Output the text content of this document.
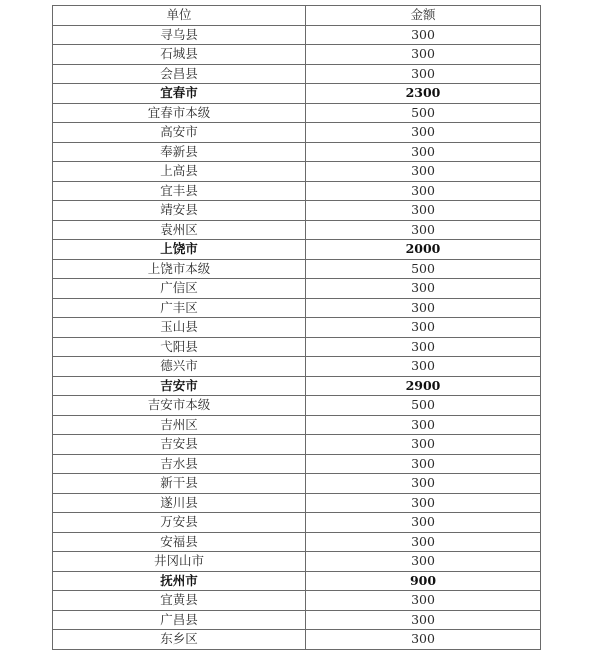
单位	金额
寻乌县	300
石城县	300
会昌县	300
宜春市	2300
宜春市本级	500
高安市	300
奉新县	300
上高县	300
宜丰县	300
靖安县	300
袁州区	300
上饶市	2000
上饶市本级	500
广信区	300
广丰区	300
玉山县	300
弋阳县	300
德兴市	300
吉安市	2900
吉安市本级	500
吉州区	300
吉安县	300
吉水县	300
新干县	300
遂川县	300
万安县	300
安福县	300
井冈山市	300
抚州市	900
宜黄县	300
广昌县	300
东乡区	300
